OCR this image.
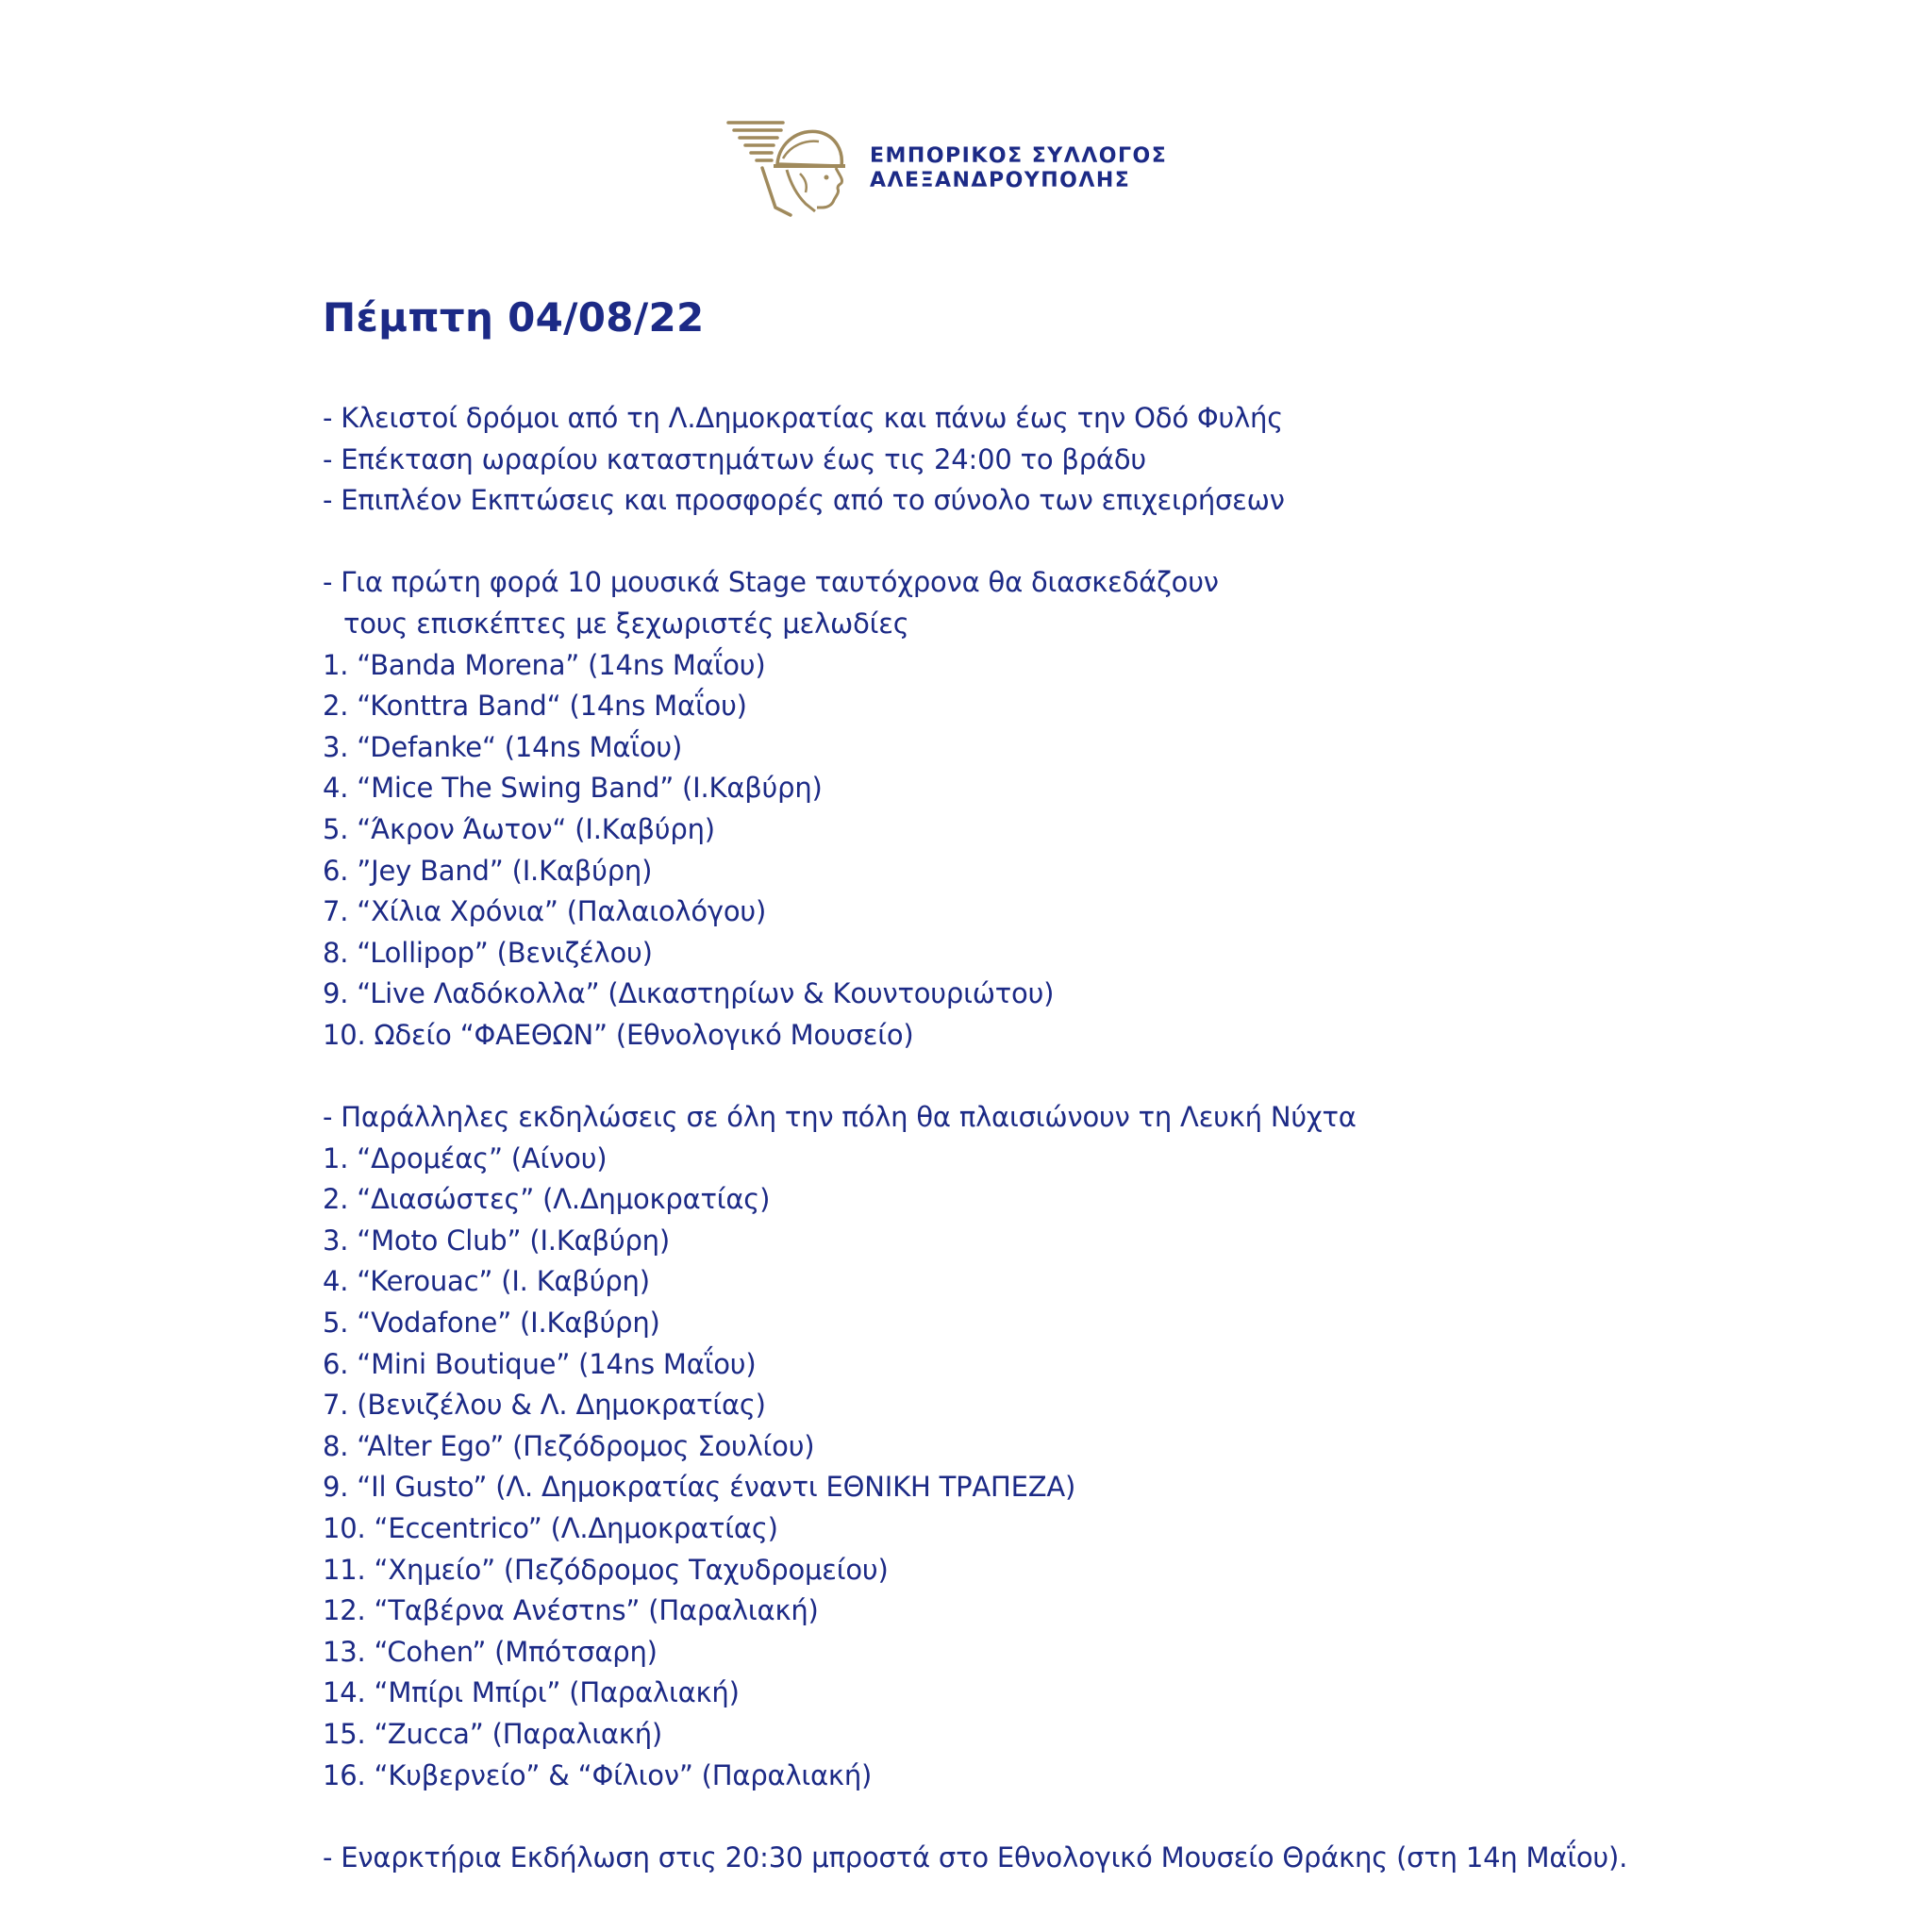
ΕΜΠΟΡΙΚΟΣ ΣΥΛΛΟΓΟΣ
ΑΛΕΞΑΝΔΡΟΥΠΟΛΗΣ
Πέμπτη 04/08/22
- Κλειστοί δρόμοι από τη Λ.Δημοκρατίας και πάνω έως την Οδό Φυλής
- Επέκταση ωραρίου καταστημάτων έως τις 24:00 το βράδυ
- Επιπλέον Εκπτώσεις και προσφορές από το σύνολο των επιχειρήσεων
- Για πρώτη φορά 10 μουσικά Stage ταυτόχρονα θα διασκεδάζουν
τους επισκέπτες με ξεχωριστές μελωδίες
1. “Banda Morena” (14ns Μαΐου)
2. “Konttra Band“ (14ns Μαΐου)
3. “Defanke“ (14ns Μαΐου)
4. “Mice The Swing Band” (Ι.Καβύρη)
5. “Άκρον Άωτον“ (Ι.Καβύρη)
6. ”Jey Band” (Ι.Καβύρη)
7. “Χίλια Χρόνια” (Παλαιολόγου)
8. “Lollipop” (Βενιζέλου)
9. “Live Λαδόκολλα” (Δικαστηρίων & Κουντουριώτου)
10. Ωδείο “ΦΑΕΘΩΝ” (Εθνολογικό Μουσείο)
- Παράλληλες εκδηλώσεις σε όλη την πόλη θα πλαισιώνουν τη Λευκή Νύχτα
1. “Δρομέας” (Αίνου)
2. “Διασώστες” (Λ.Δημοκρατίας)
3. “Moto Club” (Ι.Καβύρη)
4. “Kerouac” (Ι. Καβύρη)
5. “Vodafone” (Ι.Καβύρη)
6. “Mini Boutique” (14ns Μαΐου)
7. (Βενιζέλου & Λ. Δημοκρατίας)
8. “Alter Ego” (Πεζόδρομος Σουλίου)
9. “Il Gusto” (Λ. Δημοκρατίας έναντι ΕΘΝΙΚΗ ΤΡΑΠΕΖΑ)
10. “Eccentrico” (Λ.Δημοκρατίας)
11. “Χημείο” (Πεζόδρομος Ταχυδρομείου)
12. “Ταβέρνα Ανέστns” (Παραλιακή)
13. “Cohen” (Μπότσαρη)
14. “Μπίρι Μπίρι” (Παραλιακή)
15. “Zucca” (Παραλιακή)
16. “Κυβερνείο” & “Φίλιον” (Παραλιακή)
- Εναρκτήρια Εκδήλωση στις 20:30 μπροστά στο Εθνολογικό Μουσείο Θράκης (στη 14η Μαΐου).
